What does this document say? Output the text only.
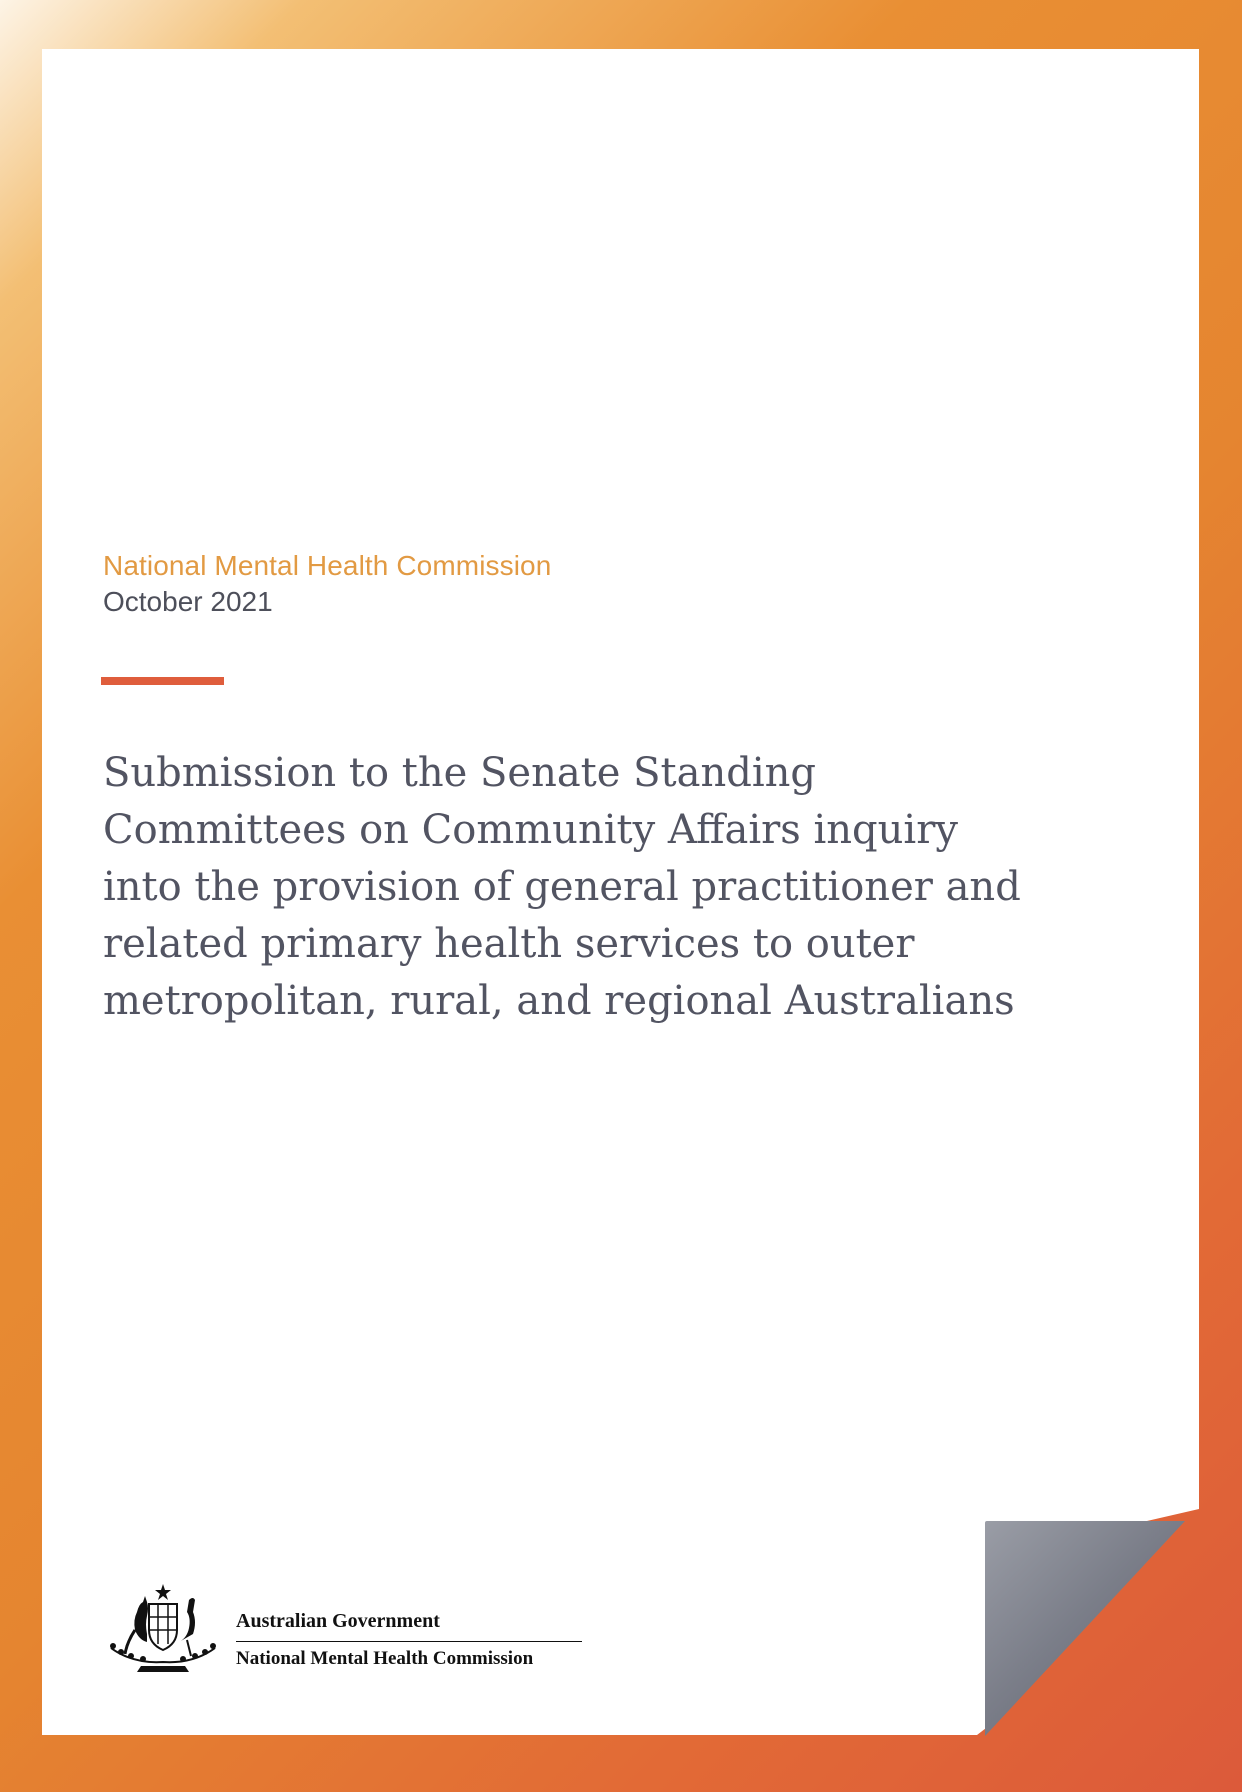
National Mental Health Commission
October 2021
Submission to the Senate Standing
Committees on Community Affairs inquiry
into the provision of general practitioner and
related primary health services to outer
metropolitan, rural, and regional Australians
Australian Government
National Mental Health Commission
